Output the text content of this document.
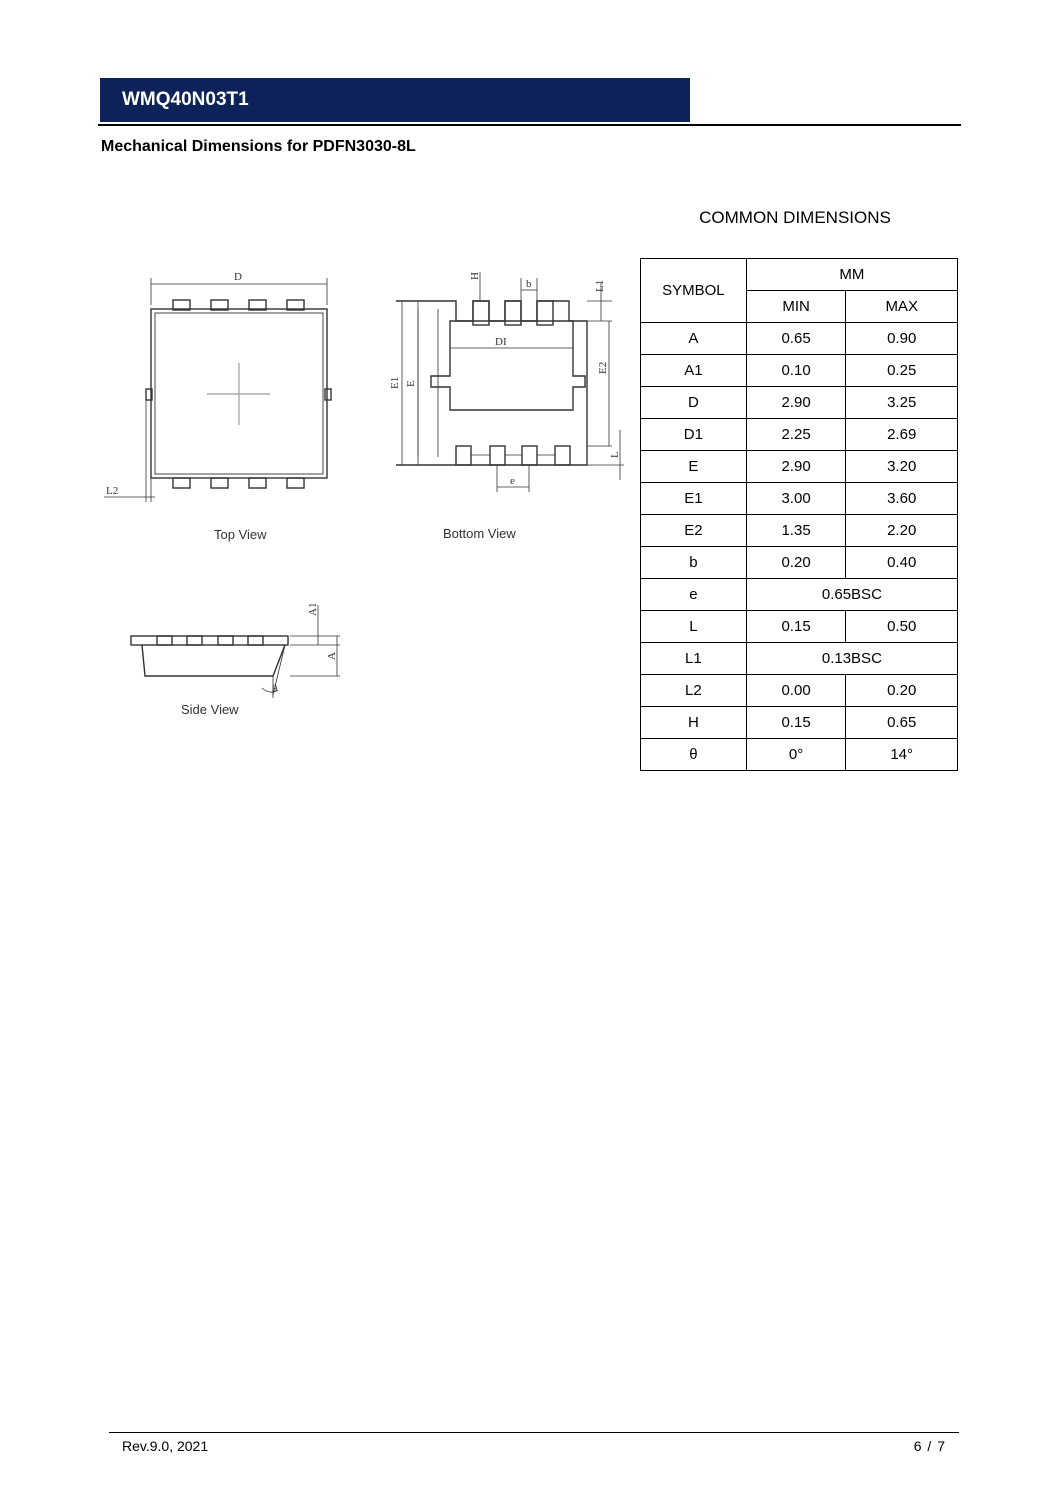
WMQ40N03T1
Mechanical Dimensions for PDFN3030-8L
D
L2
H
b	L1
DI
E1 E
E2
L
e
A1
A
θ
Top View	Bottom View
Side View
COMMON DIMENSIONS
SYMBOL	MM	
	MIN	MAX
A	0.65	0.90
A1	0.10	0.25
D	2.90	3.25
D1	2.25	2.69
E	2.90	3.20
E1	3.00	3.60
E2	1.35	2.20
b	0.20	0.40
e	0.65BSC	
L	0.15	0.50
L1	0.13BSC	
L2	0.00	0.20
H	0.15	0.65
θ	0°	14°
Rev.9.0, 2021	6 / 7
